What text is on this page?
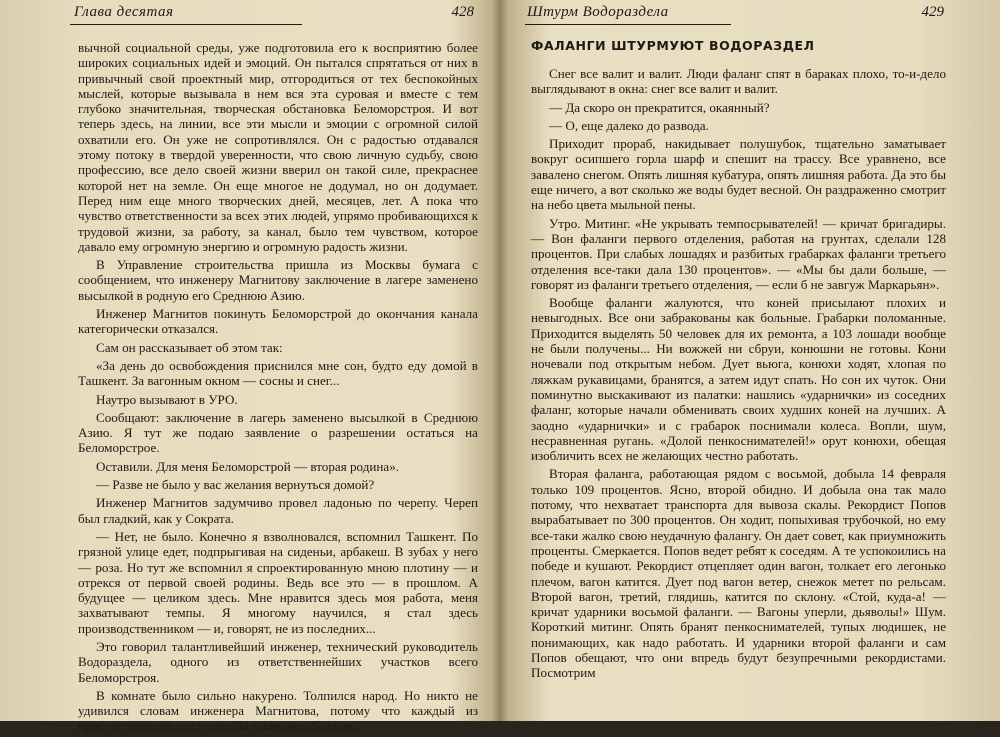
Глава десятая	428

вычной социальной среды, уже подготовила его к восприятию более широких социальных идей и эмоций. Он пытался спрятаться от них в привычный свой проектный мир, отгородиться от тех беспокойных мыслей, которые вызывала в нем вся эта суровая и вместе с тем глубоко значительная, творческая обстановка Беломорстроя. И вот теперь здесь, на линии, все эти мысли и эмоции с огромной силой охватили его. Он уже не сопротивлялся. Он с радостью отдавался этому потоку в твердой уверенности, что свою личную судьбу, свою профессию, все дело своей жизни вверил он такой силе, прекраснее которой нет на земле. Он еще многое не додумал, но он додумает. Перед ним еще много творческих дней, месяцев, лет. А пока что чувство ответственности за всех этих людей, упрямо пробивающихся к трудовой жизни, за работу, за канал, было тем чувством, которое давало ему огромную энергию и огромную радость жизни.

В Управление строительства пришла из Москвы бумага с сообщением, что инженеру Магнитову заключение в лагере заменено высылкой в родную его Среднюю Азию.

Инженер Магнитов покинуть Беломорстрой до окончания канала категорически отказался.

Сам он рассказывает об этом так:

«За день до освобождения приснился мне сон, будто еду домой в Ташкент. За вагонным окном — сосны и снег...

Наутро вызывают в УРО.

Сообщают: заключение в лагерь заменено высылкой в Среднюю Азию. Я тут же подаю заявление о разрешении остаться на Беломорстрое.

Оставили. Для меня Беломорстрой — вторая родина».

— Разве не было у вас желания вернуться домой?

Инженер Магнитов задумчиво провел ладонью по черепу. Череп был гладкий, как у Сократа.

— Нет, не было. Конечно я взволновался, вспомнил Ташкент. По грязной улице едет, подпрыгивая на сиденьи, арбакеш. В зубах у него — роза. Но тут же вспомнил я спроектированную мною плотину — и отрекся от первой своей родины. Ведь все это — в прошлом. А будущее — целиком здесь. Мне нравится здесь моя работа, меня захватывают темпы. Я многому научился, я стал здесь производственником — и, говорят, не из последних...

Это говорил талантливейший инженер, технический руководитель Водораздела, одного из ответственнейших участков всего Беломорстроя.

В комнате было сильно накурено. Толпился народ. Но никто не удивился словам инженера Магнитова, потому что каждый из присутствующих поступил бы таким же образом...

Штурм Водораздела	429
ФАЛАНГИ ШТУРМУЮТ ВОДОРАЗДЕЛ

Снег все валит и валит. Люди фаланг спят в бараках плохо, то-и-дело выглядывают в окна: снег все валит и валит.

— Да скоро он прекратится, окаянный?

— О, еще далеко до развода.

Приходит прораб, накидывает полушубок, тщательно заматывает вокруг осипшего горла шарф и спешит на трассу. Все уравнено, все завалено снегом. Опять лишняя кубатура, опять лишняя работа. Да это бы еще ничего, а вот сколько же воды будет весной. Он раздраженно смотрит на небо цвета мыльной пены.

Утро. Митинг. «Не укрывать темпосрывателей! — кричат бригадиры. — Вон фаланги первого отделения, работая на грунтах, сделали 128 процентов. При слабых лошадях и разбитых грабарках фаланги третьего отделения все-таки дала 130 процентов». — «Мы бы дали больше, — говорят из фаланги третьего отделения, — если б не завгуж Маркарьян».

Вообще фаланги жалуются, что коней присылают плохих и невыгодных. Все они забракованы как больные. Грабарки поломанные. Приходится выделять 50 человек для их ремонта, а 103 лошади вообще не были получены... Ни вожжей ни сбруи, конюшни не готовы. Кони ночевали под открытым небом. Дует вьюга, конюхи ходят, хлопая по ляжкам рукавицами, бранятся, а затем идут спать. Но сон их чуток. Они поминутно выскакивают из палатки: нашлись «ударнички» из соседних фаланг, которые начали обменивать своих худших коней на лучших. А заодно «ударнички» и с грабарок поснимали колеса. Вопли, шум, несравненная ругань. «Долой пенкоснимателей!» орут конюхи, обещая изобличить всех не желающих честно работать.

Вторая фаланга, работающая рядом с восьмой, добыла 14 февраля только 109 процентов. Ясно, второй обидно. И добыла она так мало потому, что нехватает транспорта для вывоза скалы. Рекордист Попов вырабатывает по 300 процентов. Он ходит, попыхивая трубочкой, но ему все-таки жалко свою неудачную фалангу. Он дает совет, как приумножить проценты. Смеркается. Попов ведет ребят к соседям. А те успокоились на победе и кушают. Рекордист отцепляет один вагон, толкает его легонько плечом, вагон катится. Дует под вагон ветер, снежок метет по рельсам. Второй вагон, третий, глядишь, катится по склону. «Стой, куда-а! — кричат ударники восьмой фаланги. — Вагоны уперли, дьяволы!» Шум. Короткий митинг. Опять бранят пенкоснимателей, тупых людишек, не понимающих, как надо работать. И ударники второй фаланги и сам Попов обещают, что они впредь будут безупречными рекордистами. Посмотрим
